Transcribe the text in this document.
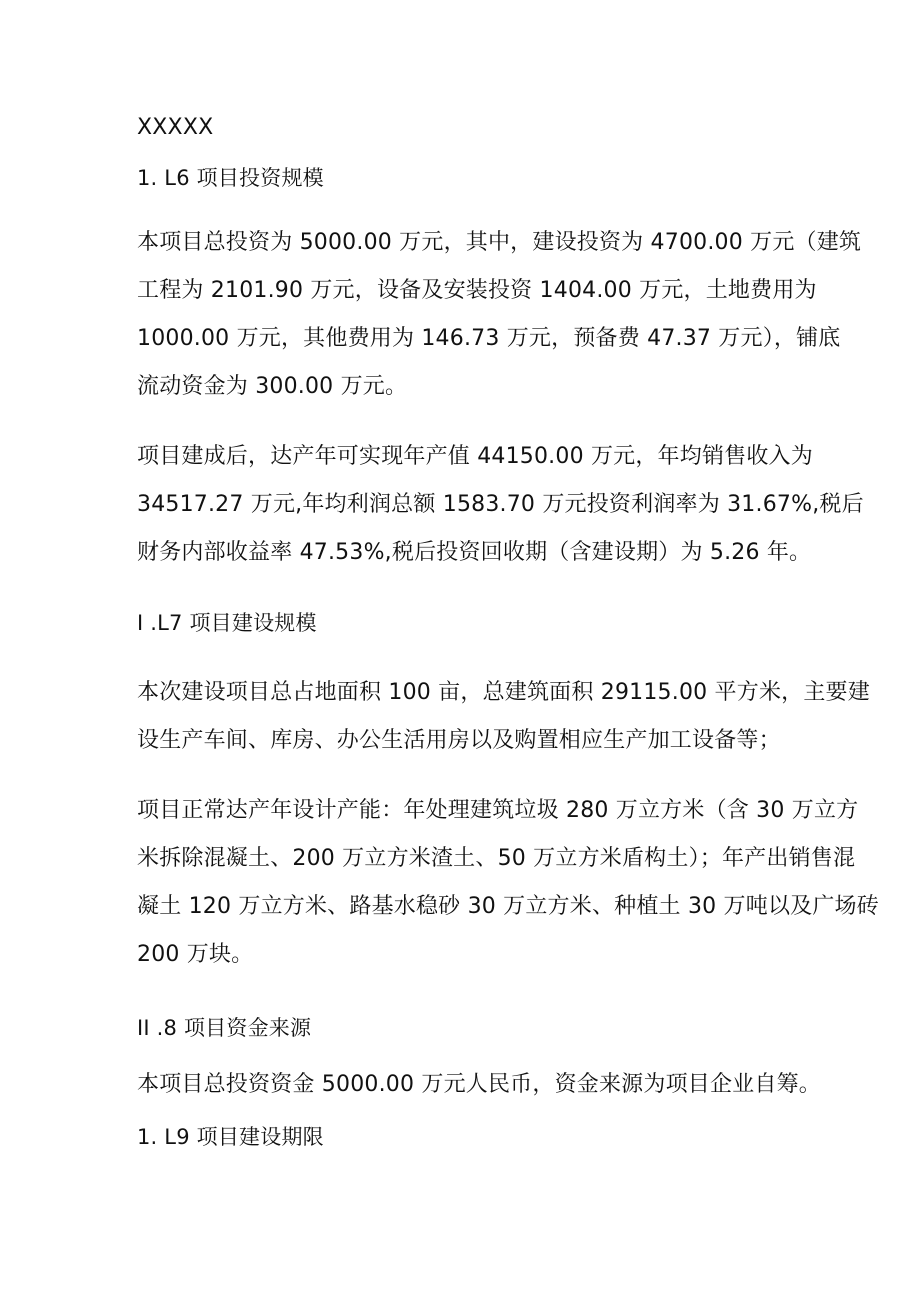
XXXXX
1. L6 项目投资规模
本项目总投资为 5000.00 万元，其中，建设投资为 4700.00 万元（建筑
工程为 2101.90 万元，设备及安装投资 1404.00 万元，土地费用为
1000.00 万元，其他费用为 146.73 万元，预备费 47.37 万元），铺底
流动资金为 300.00 万元。
项目建成后，达产年可实现年产值 44150.00 万元，年均销售收入为
34517.27 万元,年均利润总额 1583.70 万元投资利润率为 31.67%,税后
财务内部收益率 47.53%,税后投资回收期（含建设期）为 5.26 年。
I .L7 项目建设规模
本次建设项目总占地面积 100 亩，总建筑面积 29115.00 平方米，主要建
设生产车间、库房、办公生活用房以及购置相应生产加工设备等；
项目正常达产年设计产能：年处理建筑垃圾 280 万立方米（含 30 万立方
米拆除混凝土、200 万立方米渣土、50 万立方米盾构土）；年产出销售混
凝土 120 万立方米、路基水稳砂 30 万立方米、种植土 30 万吨以及广场砖
200 万块。
II .8 项目资金来源
本项目总投资资金 5000.00 万元人民币，资金来源为项目企业自筹。
1. L9 项目建设期限
